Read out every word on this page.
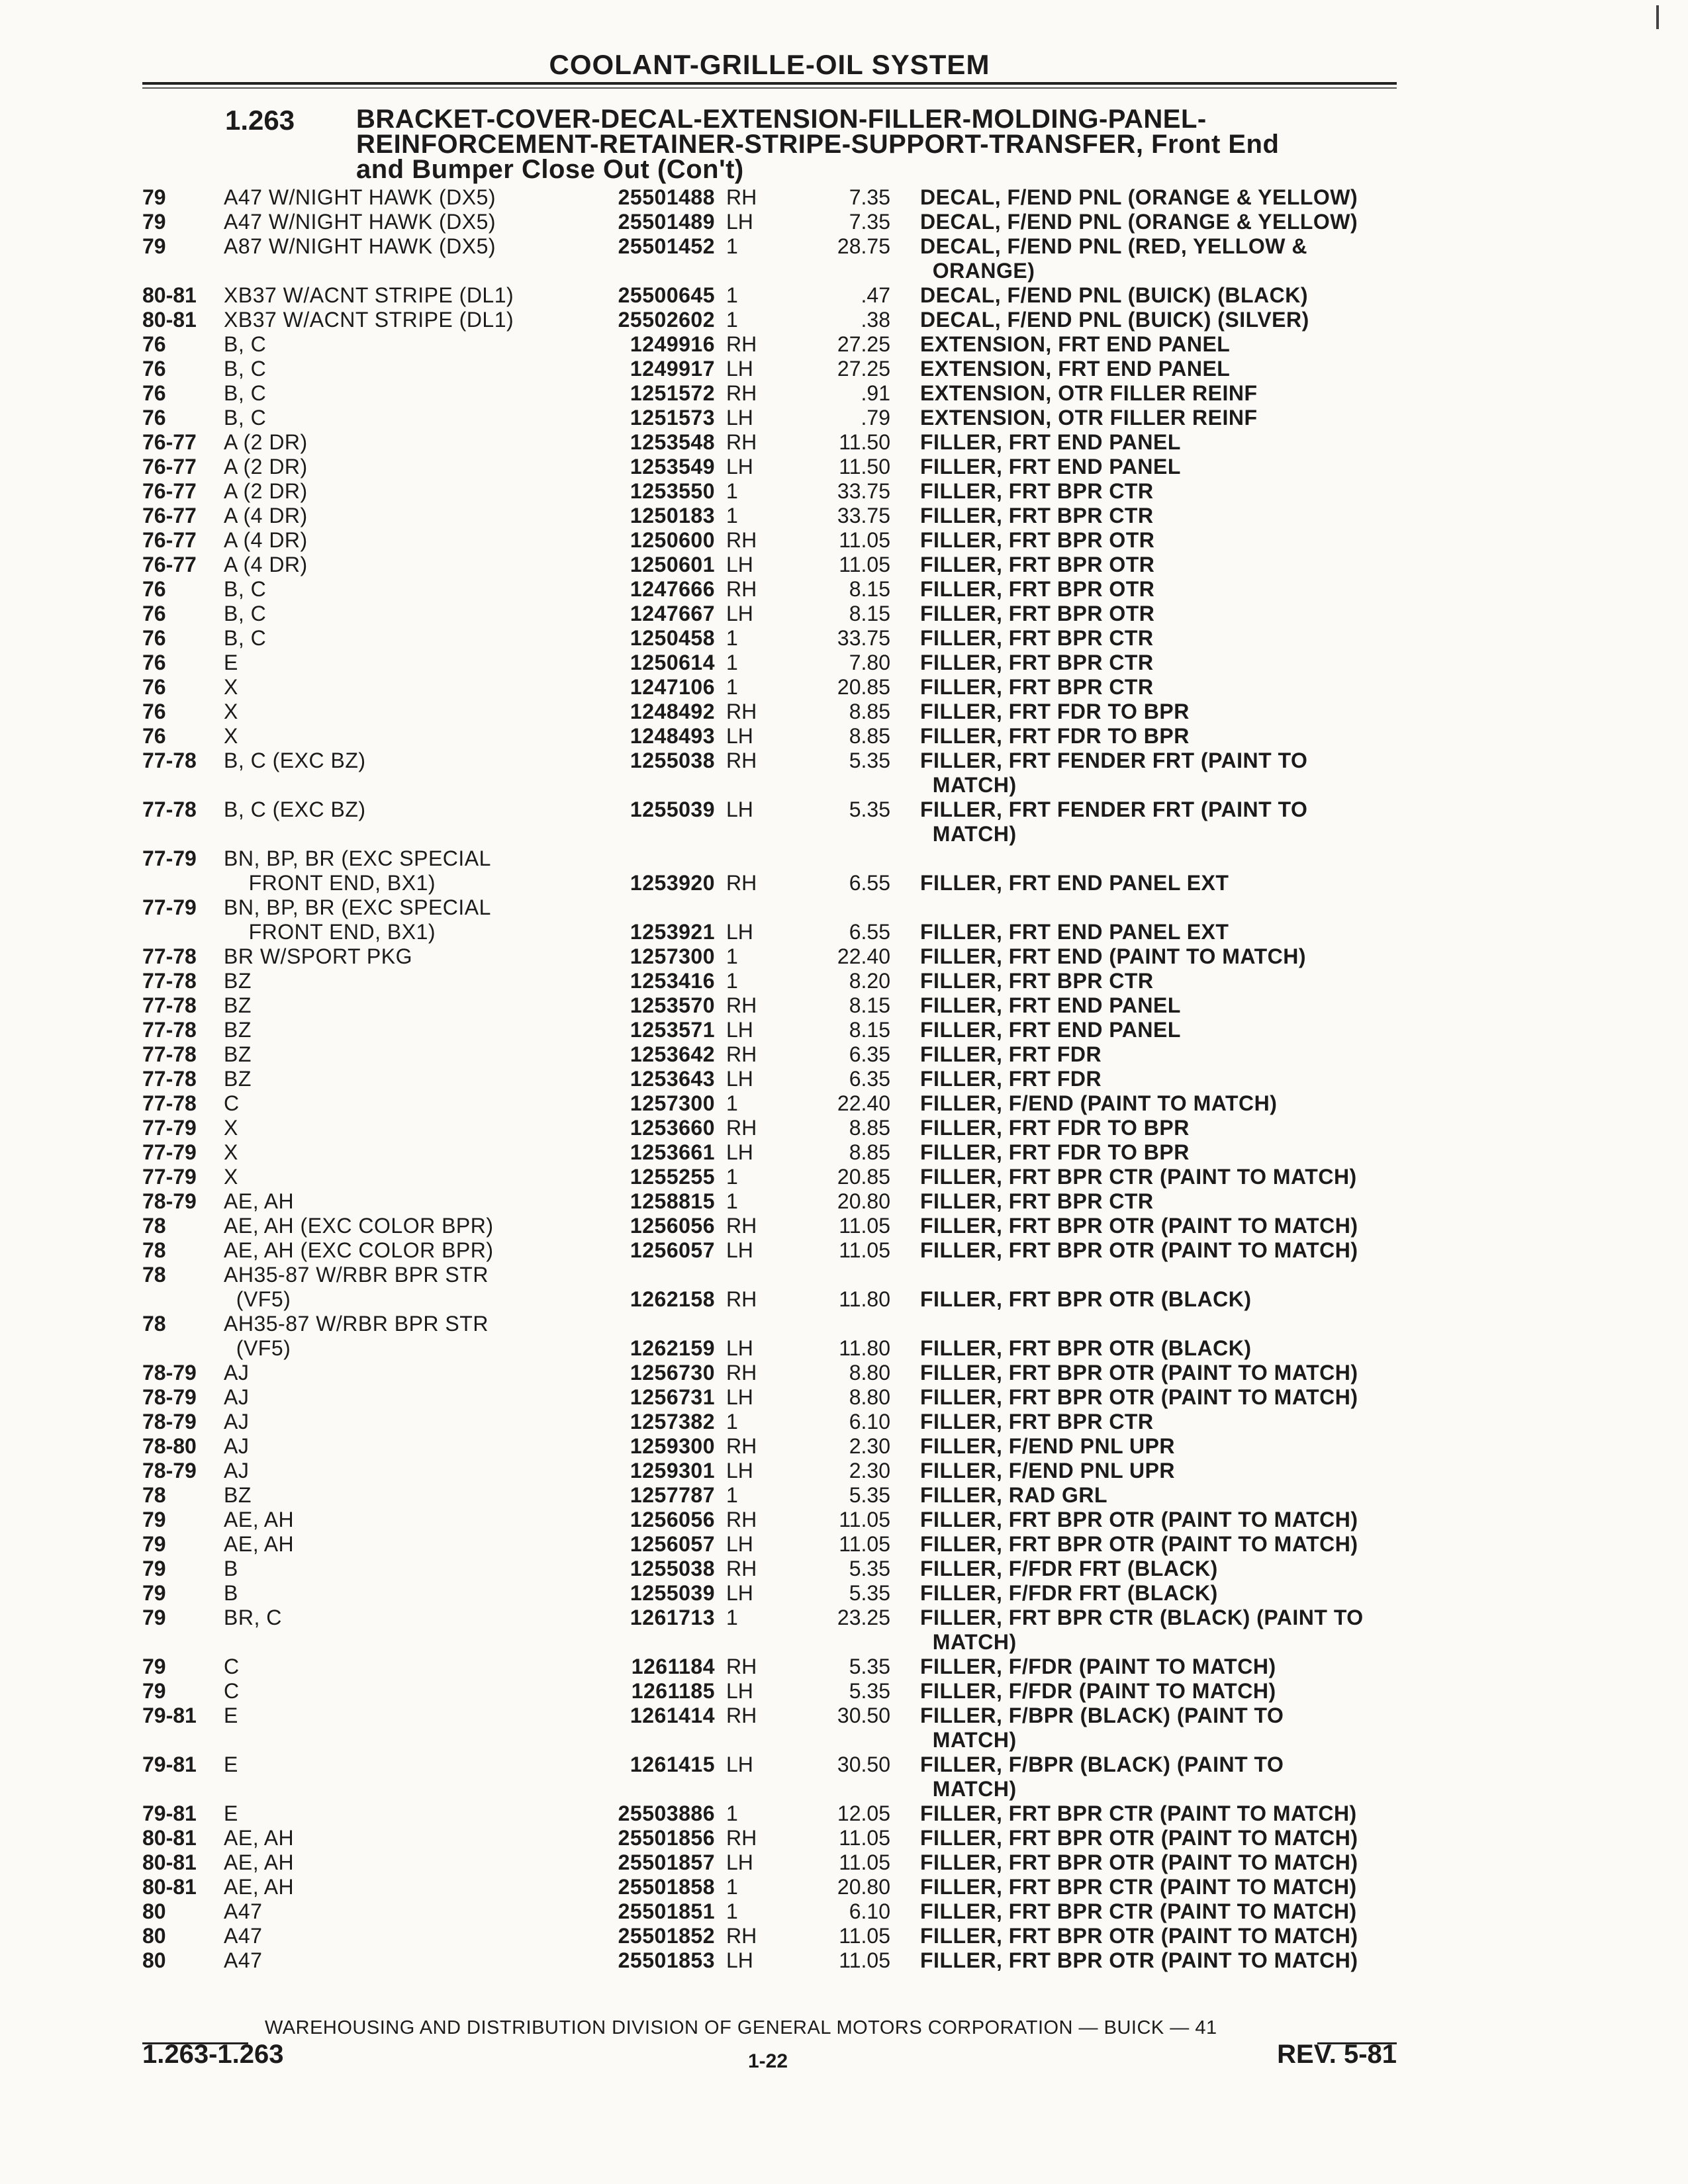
COOLANT-GRILLE-OIL SYSTEM
1.263 BRACKET-COVER-DECAL-EXTENSION-FILLER-MOLDING-PANEL-
REINFORCEMENT-RETAINER-STRIPE-SUPPORT-TRANSFER, Front End
and Bumper Close Out (Con't)
79	A47 W/NIGHT HAWK (DX5)	25501488 RH	7.35 DECAL, F/END PNL (ORANGE & YELLOW)
79	A47 W/NIGHT HAWK (DX5)	25501489 LH	7.35 DECAL, F/END PNL (ORANGE & YELLOW)
79	A87 W/NIGHT HAWK (DX5)	25501452 1	28.75 DECAL, F/END PNL (RED, YELLOW &
ORANGE)
80-81	XB37 W/ACNT STRIPE (DL1)	25500645 1	.47 DECAL, F/END PNL (BUICK) (BLACK)
80-81	XB37 W/ACNT STRIPE (DL1)	25502602 1	.38 DECAL, F/END PNL (BUICK) (SILVER)
76	B, C	1249916 RH	27.25 EXTENSION, FRT END PANEL
76	B, C	1249917 LH	27.25 EXTENSION, FRT END PANEL
76	B, C	1251572 RH	.91 EXTENSION, OTR FILLER REINF
76	B, C	1251573 LH	.79 EXTENSION, OTR FILLER REINF
76-77	A (2 DR)	1253548 RH	11.50 FILLER, FRT END PANEL
76-77	A (2 DR)	1253549 LH	11.50 FILLER, FRT END PANEL
76-77	A (2 DR)	1253550 1	33.75 FILLER, FRT BPR CTR
76-77	A (4 DR)	1250183 1	33.75 FILLER, FRT BPR CTR
76-77	A (4 DR)	1250600 RH	11.05 FILLER, FRT BPR OTR
76-77	A (4 DR)	1250601 LH	11.05 FILLER, FRT BPR OTR
76	B, C	1247666 RH	8.15 FILLER, FRT BPR OTR
76	B, C	1247667 LH	8.15 FILLER, FRT BPR OTR
76	B, C	1250458 1	33.75 FILLER, FRT BPR CTR
76	E	1250614 1	7.80 FILLER, FRT BPR CTR
76	X	1247106 1	20.85 FILLER, FRT BPR CTR
76	X	1248492 RH	8.85 FILLER, FRT FDR TO BPR
76	X	1248493 LH	8.85 FILLER, FRT FDR TO BPR
77-78	B, C (EXC BZ)	1255038 RH	5.35 FILLER, FRT FENDER FRT (PAINT TO
MATCH)
77-78	B, C (EXC BZ)	1255039 LH	5.35 FILLER, FRT FENDER FRT (PAINT TO
MATCH)
77-79	BN, BP, BR (EXC SPECIAL
FRONT END, BX1)	1253920 RH	6.55 FILLER, FRT END PANEL EXT
77-79	BN, BP, BR (EXC SPECIAL
FRONT END, BX1)	1253921 LH	6.55 FILLER, FRT END PANEL EXT
77-78	BR W/SPORT PKG	1257300 1	22.40 FILLER, FRT END (PAINT TO MATCH)
77-78	BZ	1253416 1	8.20 FILLER, FRT BPR CTR
77-78	BZ	1253570 RH	8.15 FILLER, FRT END PANEL
77-78	BZ	1253571 LH	8.15 FILLER, FRT END PANEL
77-78	BZ	1253642 RH	6.35 FILLER, FRT FDR
77-78	BZ	1253643 LH	6.35 FILLER, FRT FDR
77-78	C	1257300 1	22.40 FILLER, F/END (PAINT TO MATCH)
77-79	X	1253660 RH	8.85 FILLER, FRT FDR TO BPR
77-79	X	1253661 LH	8.85 FILLER, FRT FDR TO BPR
77-79	X	1255255 1	20.85 FILLER, FRT BPR CTR (PAINT TO MATCH)
78-79	AE, AH	1258815 1	20.80 FILLER, FRT BPR CTR
78	AE, AH (EXC COLOR BPR)	1256056 RH	11.05 FILLER, FRT BPR OTR (PAINT TO MATCH)
78	AE, AH (EXC COLOR BPR)	1256057 LH	11.05 FILLER, FRT BPR OTR (PAINT TO MATCH)
78	AH35-87 W/RBR BPR STR
(VF5)	1262158 RH	11.80 FILLER, FRT BPR OTR (BLACK)
78	AH35-87 W/RBR BPR STR
(VF5)	1262159 LH	11.80 FILLER, FRT BPR OTR (BLACK)
78-79	AJ	1256730 RH	8.80 FILLER, FRT BPR OTR (PAINT TO MATCH)
78-79	AJ	1256731 LH	8.80 FILLER, FRT BPR OTR (PAINT TO MATCH)
78-79	AJ	1257382 1	6.10 FILLER, FRT BPR CTR
78-80	AJ	1259300 RH	2.30 FILLER, F/END PNL UPR
78-79	AJ	1259301 LH	2.30 FILLER, F/END PNL UPR
78	BZ	1257787 1	5.35 FILLER, RAD GRL
79	AE, AH	1256056 RH	11.05 FILLER, FRT BPR OTR (PAINT TO MATCH)
79	AE, AH	1256057 LH	11.05 FILLER, FRT BPR OTR (PAINT TO MATCH)
79	B	1255038 RH	5.35 FILLER, F/FDR FRT (BLACK)
79	B	1255039 LH	5.35 FILLER, F/FDR FRT (BLACK)
79	BR, C	1261713 1	23.25 FILLER, FRT BPR CTR (BLACK) (PAINT TO
MATCH)
79	C	1261184 RH	5.35 FILLER, F/FDR (PAINT TO MATCH)
79	C	1261185 LH	5.35 FILLER, F/FDR (PAINT TO MATCH)
79-81	E	1261414 RH	30.50 FILLER, F/BPR (BLACK) (PAINT TO
MATCH)
79-81	E	1261415 LH	30.50 FILLER, F/BPR (BLACK) (PAINT TO
MATCH)
79-81	E	25503886 1	12.05 FILLER, FRT BPR CTR (PAINT TO MATCH)
80-81	AE, AH	25501856 RH	11.05 FILLER, FRT BPR OTR (PAINT TO MATCH)
80-81	AE, AH	25501857 LH	11.05 FILLER, FRT BPR OTR (PAINT TO MATCH)
80-81	AE, AH	25501858 1	20.80 FILLER, FRT BPR CTR (PAINT TO MATCH)
80	A47	25501851 1	6.10 FILLER, FRT BPR CTR (PAINT TO MATCH)
80	A47	25501852 RH	11.05 FILLER, FRT BPR OTR (PAINT TO MATCH)
80	A47	25501853 LH	11.05 FILLER, FRT BPR OTR (PAINT TO MATCH)
WAREHOUSING AND DISTRIBUTION DIVISION OF GENERAL MOTORS CORPORATION — BUICK — 41
1.263-1.263	1-22	REV. 5-81
